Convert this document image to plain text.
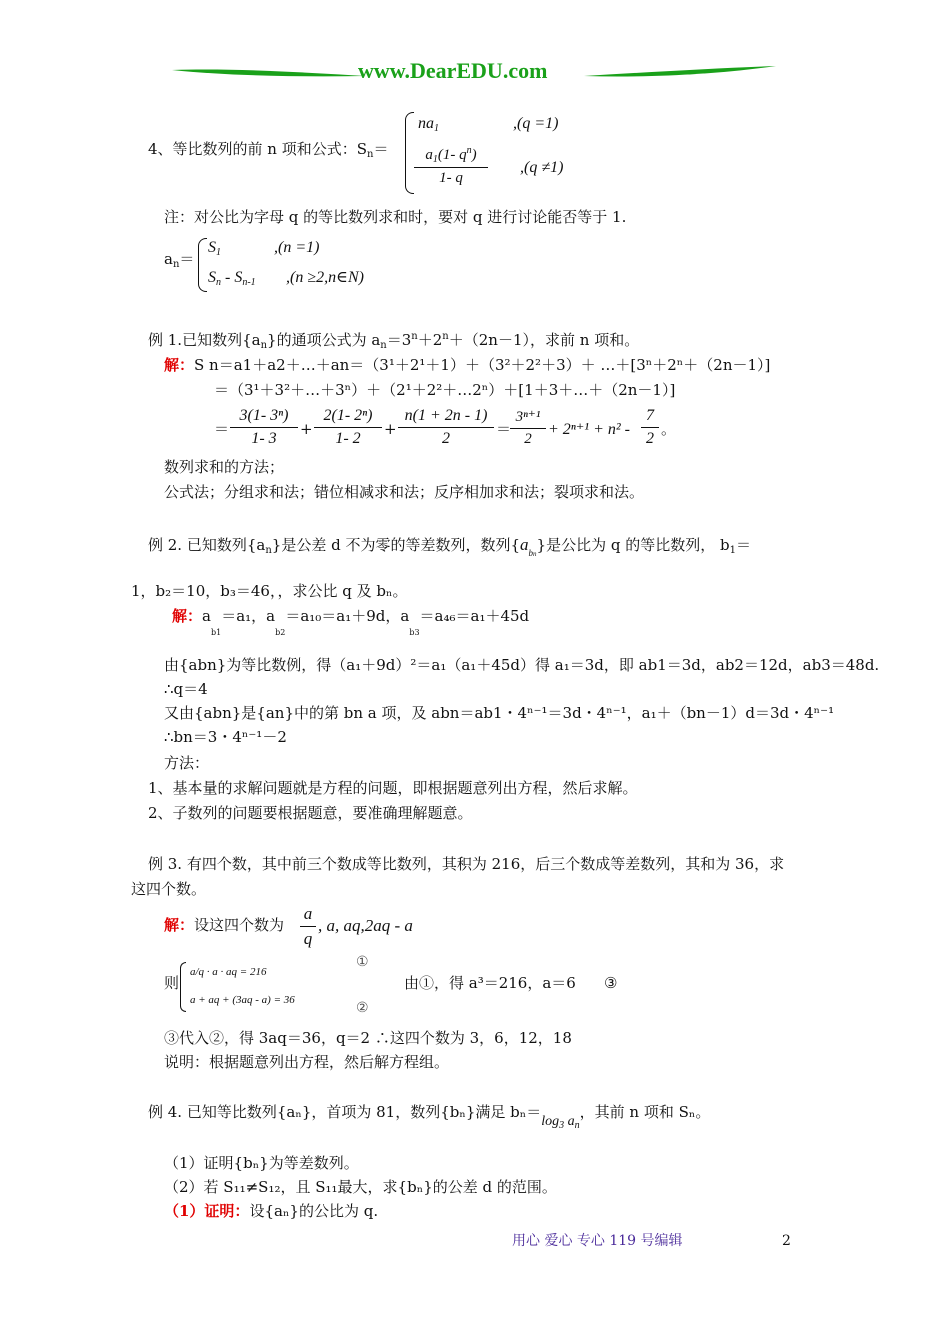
www.DearEDU.com
4、等比数列的前 n 项和公式：$S_n=$
$na_1$	,(q =1)
$\frac{a_1(1- q^n)}{1- q} ,(q \ne 1)$
注：对公比为字母 q 的等比数列求和时，要对 q 进行讨论能否等于 1.
$a_n=$
$S_1$	,(n =1)
$S_n - S_{n-1}$ ,(n ≥2,n∈N)
例 1.已知数列$\{a_n\}$的通项公式为 $a_n=3^n+2^n+(2n-1)$，求前 n 项和。
解：S n＝a1＋a2＋…＋an＝（3¹＋2¹＋1）＋（3²＋2²＋3）＋ …＋[3ⁿ＋2ⁿ＋（2n－1）]
＝（3¹＋3²＋…＋3ⁿ）＋（2¹＋2²＋…2ⁿ）＋[1＋3＋…＋（2n－1）]
＝ $\frac{\text{3(1- 3ⁿ)}}{1- 3} + \frac{\text{2(1- 2ⁿ)}}{1- 2} + \frac{n(1 + 2n - 1)}{2}$ ＝
$\frac{\text{3ⁿ⁺¹}}{2} + 2^{n+1} + n^2 - \frac{7}{2}$ 。
数列求和的方法；
公式法；分组求和法；错位相减求和法；反序相加求和法；裂项求和法。
例 2. 已知数列$\{a_n\}$是公差 d 不为零的等差数列，数列$\{a_{bn}\}$是公比为 q 的等比数列， $b_1=$
1，b₂＝10，b₃＝46，，求公比 q 及 bₙ。
解：$a_{b1}=a_1$，$a_{b2}=a_{10}=a_1+9d$，$a_{b3}=a_{46}=a_1+45d$
由{abn}为等比数例，得（a₁＋9d）²＝a₁（a₁＋45d）得 a₁＝3d，即 ab1＝3d，ab2＝12d，ab3＝48d.
∴q＝4
又由{abn}是{an}中的第 bn a 项，及 abn＝ab1・4ⁿ⁻¹＝3d・4ⁿ⁻¹，a₁＋（bn－1）d＝3d・4ⁿ⁻¹
∴bn＝3・4ⁿ⁻¹－2
方法：
1、基本量的求解问题就是方程的问题，即根据题意列出方程，然后求解。
2、子数列的问题要根据题意，要准确理解题意。
例 3. 有四个数，其中前三个数成等比数列，其积为 216，后三个数成等差数列，其和为 36，求
这四个数。
解：设这四个数为 $\frac{a}{q}$ , a, aq,2aq - a
则
a/q · a · aq = 216
a + aq + (3aq - a) = 36
①
②
由①，得 a³＝216，a＝6 ③
③代入②，得 3aq＝36，q＝2 ∴这四个数为 3，6，12，18
说明：根据题意列出方程，然后解方程组。
例 4. 已知等比数列{aₙ}，首项为 81，数列{bₙ}满足 $b_n=\log_3$ $a_n$，其前 n 项和 Sₙ。
（1）证明{bₙ}为等差数列。
（2）若 S₁₁≠S₁₂，且 S₁₁最大，求{bₙ}的公差 d 的范围。
（1）证明：设{aₙ}的公比为 q.
用心 爱心 专心 119 号编辑	2
